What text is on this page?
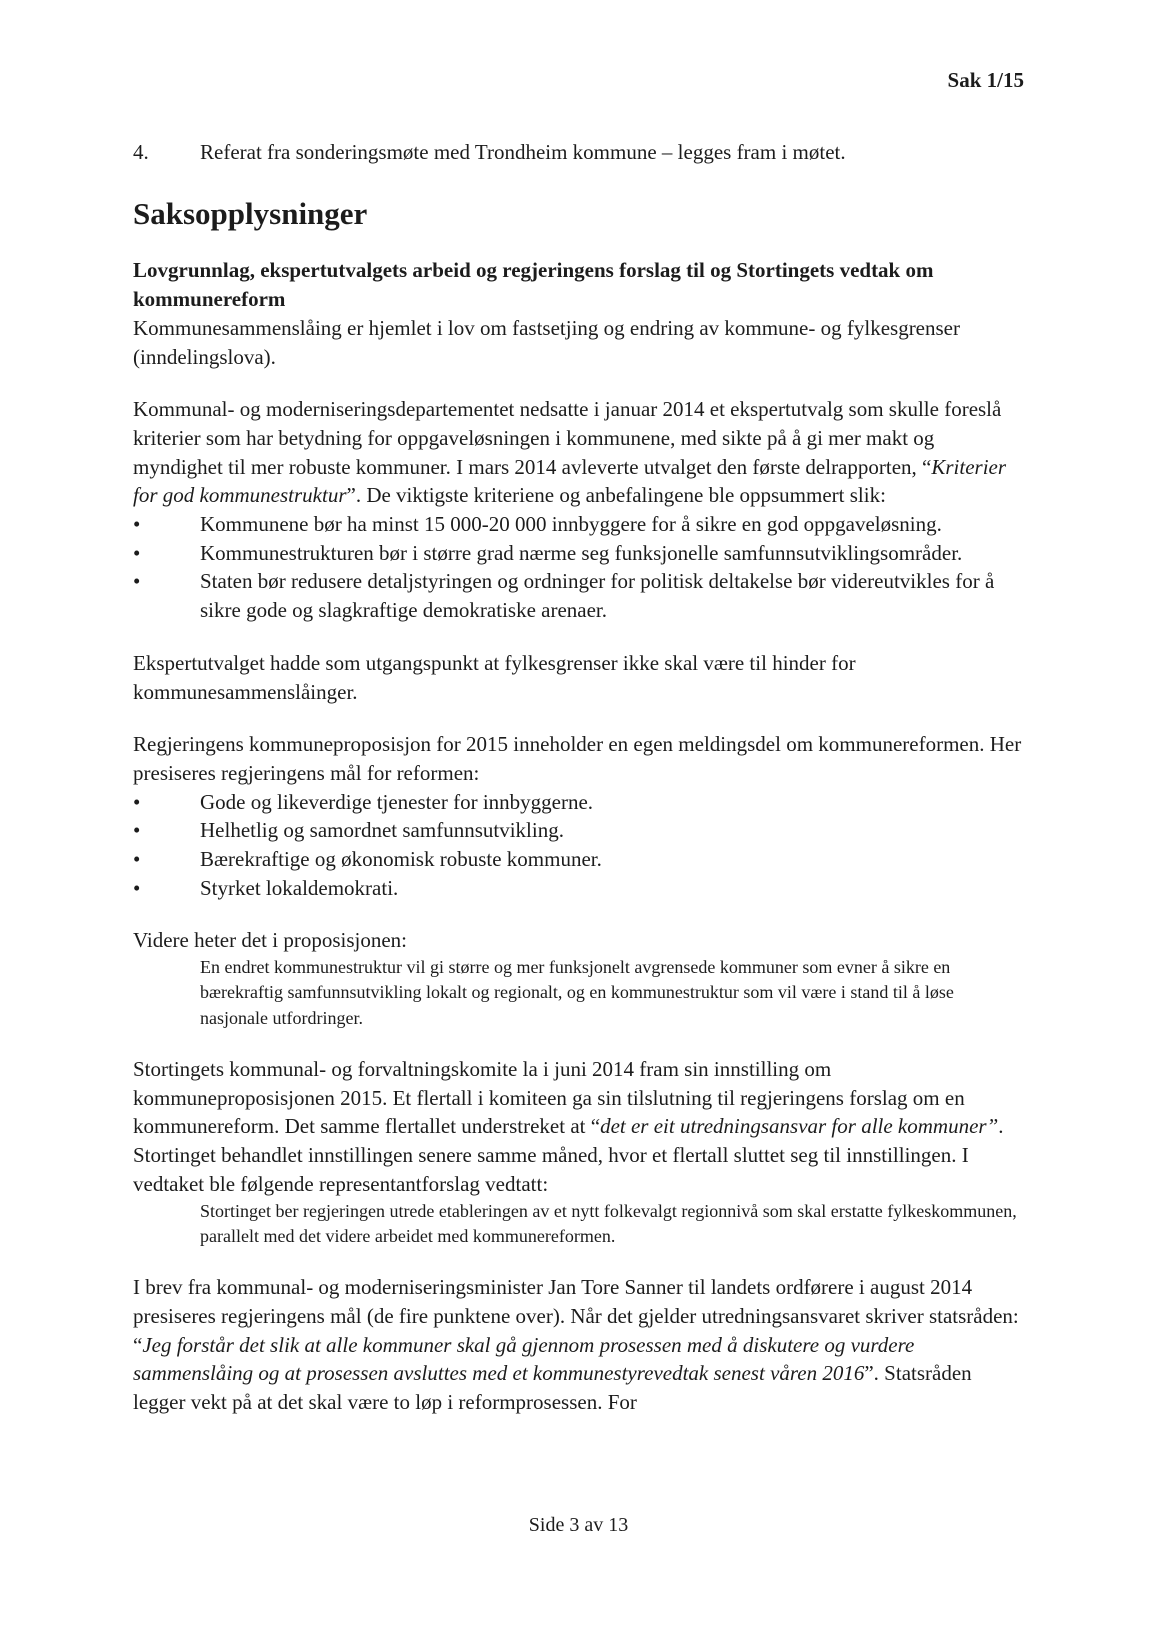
Sak 1/15
4.	Referat fra sonderingsmøte med Trondheim kommune – legges fram i møtet.
Saksopplysninger
Lovgrunnlag, ekspertutvalgets arbeid og regjeringens forslag til og Stortingets vedtak om kommunereform

Kommunesammenslåing er hjemlet i lov om fastsetjing og endring av kommune- og fylkesgrenser (inndelingslova).

Kommunal- og moderniseringsdepartementet nedsatte i januar 2014 et ekspertutvalg som skulle foreslå kriterier som har betydning for oppgaveløsningen i kommunene, med sikte på å gi mer makt og myndighet til mer robuste kommuner. I mars 2014 avleverte utvalget den første delrapporten, “Kriterier for god kommunestruktur”. De viktigste kriteriene og anbefalingene ble oppsummert slik:

•	Kommunene bør ha minst 15 000-20 000 innbyggere for å sikre en god oppgaveløsning.
•	Kommunestrukturen bør i større grad nærme seg funksjonelle samfunnsutviklingsområder.
•	Staten bør redusere detaljstyringen og ordninger for politisk deltakelse bør videreutvikles for å sikre gode og slagkraftige demokratiske arenaer.

Ekspertutvalget hadde som utgangspunkt at fylkesgrenser ikke skal være til hinder for kommunesammenslåinger.

Regjeringens kommuneproposisjon for 2015 inneholder en egen meldingsdel om kommunereformen. Her presiseres regjeringens mål for reformen:

•	Gode og likeverdige tjenester for innbyggerne.
•	Helhetlig og samordnet samfunnsutvikling.
•	Bærekraftige og økonomisk robuste kommuner.
•	Styrket lokaldemokrati.

Videre heter det i proposisjonen:

En endret kommunestruktur vil gi større og mer funksjonelt avgrensede kommuner som evner å sikre en bærekraftig samfunnsutvikling lokalt og regionalt, og en kommunestruktur som vil være i stand til å løse nasjonale utfordringer.

Stortingets kommunal- og forvaltningskomite la i juni 2014 fram sin innstilling om kommuneproposisjonen 2015. Et flertall i komiteen ga sin tilslutning til regjeringens forslag om en kommunereform. Det samme flertallet understreket at “det er eit utredningsansvar for alle kommuner”. Stortinget behandlet innstillingen senere samme måned, hvor et flertall sluttet seg til innstillingen. I vedtaket ble følgende representantforslag vedtatt:

Stortinget ber regjeringen utrede etableringen av et nytt folkevalgt regionnivå som skal erstatte fylkeskommunen, parallelt med det videre arbeidet med kommunereformen.

I brev fra kommunal- og moderniseringsminister Jan Tore Sanner til landets ordførere i august 2014 presiseres regjeringens mål (de fire punktene over). Når det gjelder utredningsansvaret skriver statsråden: “Jeg forstår det slik at alle kommuner skal gå gjennom prosessen med å diskutere og vurdere sammenslåing og at prosessen avsluttes med et kommunestyrevedtak senest våren 2016”. Statsråden legger vekt på at det skal være to løp i reformprosessen. For

Side 3 av 13
